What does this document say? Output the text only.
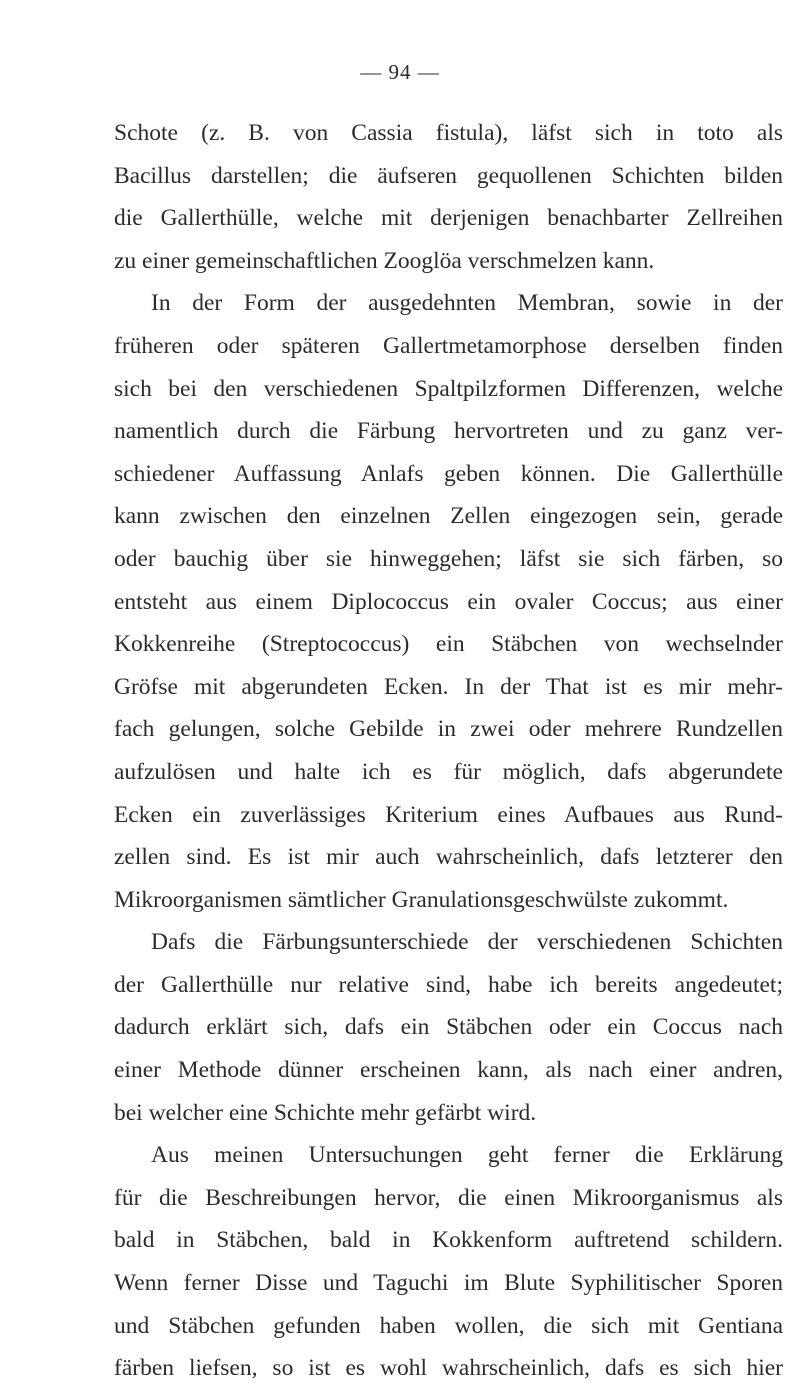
— 94 —
Schote (z. B. von Cassia fistula), läfst sich in toto als
Bacillus darstellen; die äufseren gequollenen Schichten bilden
die Gallerthülle, welche mit derjenigen benachbarter Zellreihen
zu einer gemeinschaftlichen Zooglöa verschmelzen kann.
In der Form der ausgedehnten Membran, sowie in der
früheren oder späteren Gallertmetamorphose derselben finden
sich bei den verschiedenen Spaltpilzformen Differenzen, welche
namentlich durch die Färbung hervortreten und zu ganz ver-
schiedener Auffassung Anlafs geben können. Die Gallerthülle
kann zwischen den einzelnen Zellen eingezogen sein, gerade
oder bauchig über sie hinweggehen; läfst sie sich färben, so
entsteht aus einem Diplococcus ein ovaler Coccus; aus einer
Kokkenreihe (Streptococcus) ein Stäbchen von wechselnder
Gröfse mit abgerundeten Ecken. In der That ist es mir mehr-
fach gelungen, solche Gebilde in zwei oder mehrere Rundzellen
aufzulösen und halte ich es für möglich, dafs abgerundete
Ecken ein zuverlässiges Kriterium eines Aufbaues aus Rund-
zellen sind. Es ist mir auch wahrscheinlich, dafs letzterer den
Mikroorganismen sämtlicher Granulationsgeschwülste zukommt.
Dafs die Färbungsunterschiede der verschiedenen Schichten
der Gallerthülle nur relative sind, habe ich bereits angedeutet;
dadurch erklärt sich, dafs ein Stäbchen oder ein Coccus nach
einer Methode dünner erscheinen kann, als nach einer andren,
bei welcher eine Schichte mehr gefärbt wird.
Aus meinen Untersuchungen geht ferner die Erklärung
für die Beschreibungen hervor, die einen Mikroorganismus als
bald in Stäbchen, bald in Kokkenform auftretend schildern.
Wenn ferner Disse und Taguchi im Blute Syphilitischer Sporen
und Stäbchen gefunden haben wollen, die sich mit Gentiana
färben liefsen, so ist es wohl wahrscheinlich, dafs es sich hier
